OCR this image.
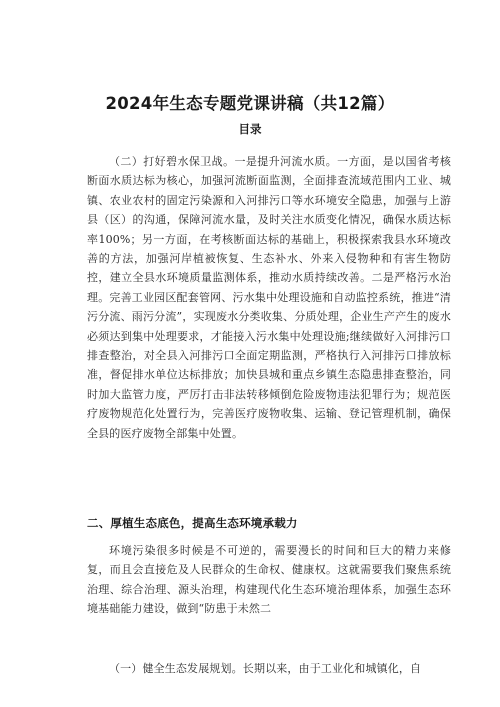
2024年生态专题党课讲稿（共12篇）
目录

（二）打好碧水保卫战。一是提升河流水质。一方面，是以国省考核断面水质达标为核心，加强河流断面监测，全面排查流域范围内工业、城镇、农业农村的固定污染源和入河排污口等水环境安全隐患，加强与上游县（区）的沟通，保障河流水量，及时关注水质变化情况，确保水质达标率100%；另一方面，在考核断面达标的基础上，积极探索我县水环境改善的方法，加强河岸植被恢复、生态补水、外来入侵物种和有害生物防控，建立全县水环境质量监测体系，推动水质持续改善。二是严格污水治理。完善工业园区配套管网、污水集中处理设施和自动监控系统，推进“清污分流、雨污分流”，实现废水分类收集、分质处理，企业生产产生的废水必须达到集中处理要求，才能接入污水集中处理设施;继续做好入河排污口排查整治，对全县入河排污口全面定期监测，严格执行入河排污口排放标准，督促排水单位达标排放；加快县城和重点乡镇生态隐患排查整治，同时加大监管力度，严厉打击非法转移倾倒危险废物违法犯罪行为；规范医疗废物规范化处置行为，完善医疗废物收集、运输、登记管理机制，确保全县的医疗废物全部集中处置。

二、厚植生态底色，提高生态环境承载力

环境污染很多时候是不可逆的，需要漫长的时间和巨大的精力来修复，而且会直接危及人民群众的生命权、健康权。这就需要我们聚焦系统治理、综合治理、源头治理，构建现代化生态环境治理体系，加强生态环境基础能力建设，做到“防患于未然二

（一）健全生态发展规划。长期以来，由于工业化和城镇化，自
